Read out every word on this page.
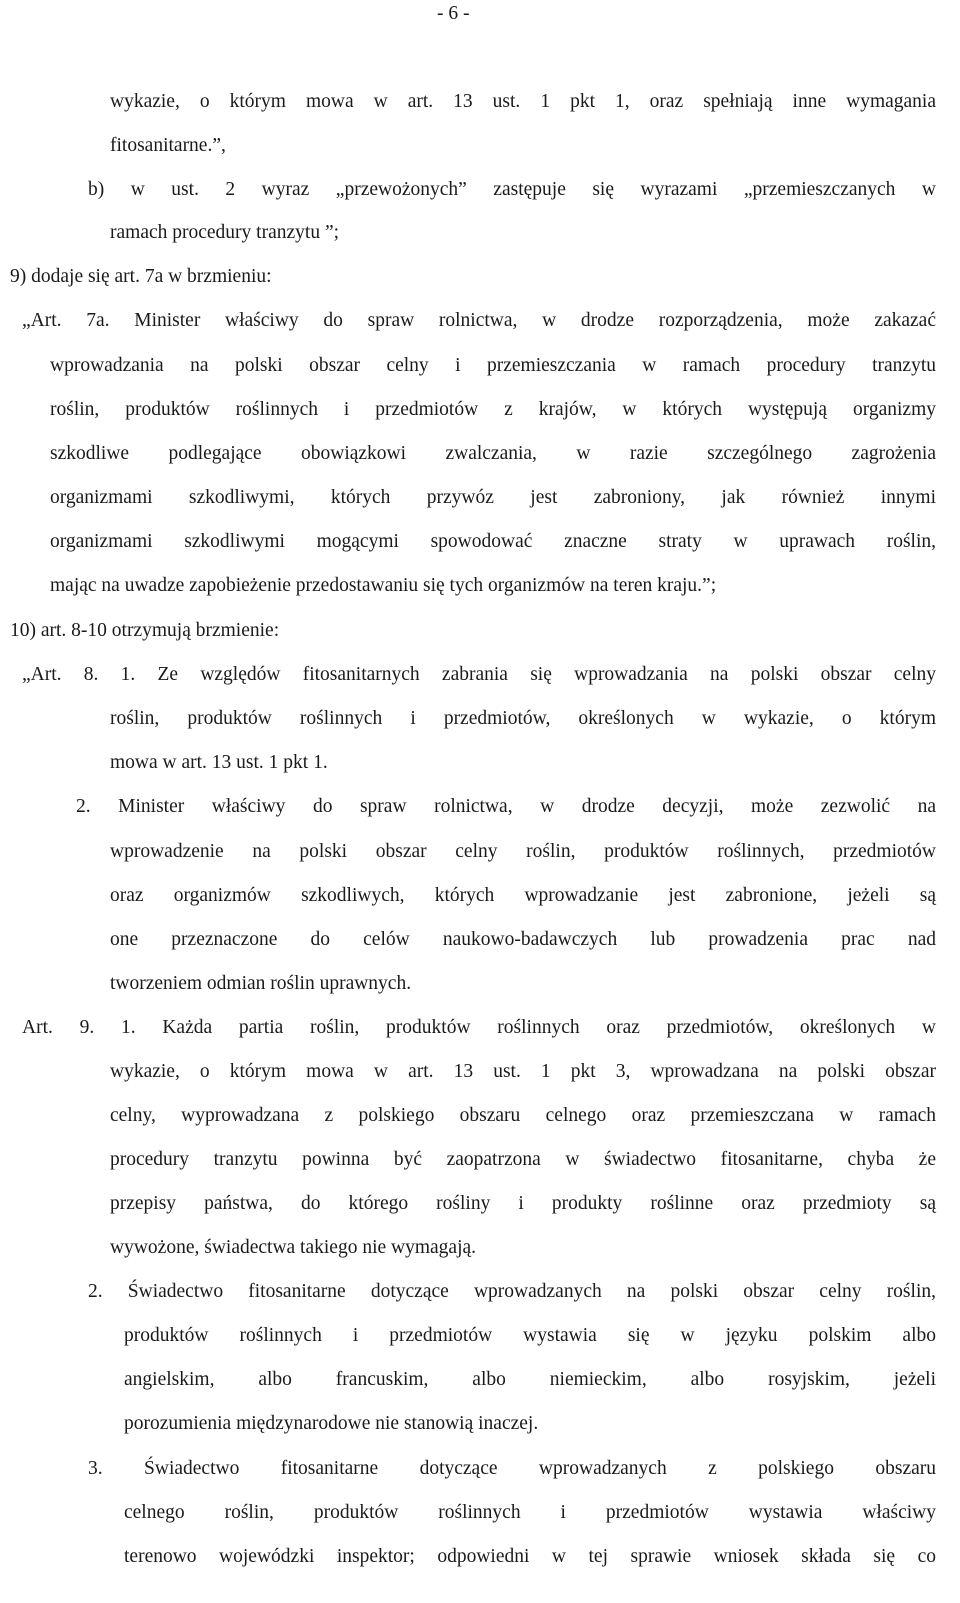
- 6 -
wykazie, o którym mowa w art. 13 ust. 1 pkt 1, oraz spełniają inne wymagania
fitosanitarne.”,
b) w ust. 2 wyraz „przewożonych” zastępuje się wyrazami „przemieszczanych w
ramach procedury tranzytu ”;
9) dodaje się art. 7a w brzmieniu:
„Art. 7a. Minister właściwy do spraw rolnictwa, w drodze rozporządzenia, może zakazać
wprowadzania na polski obszar celny i przemieszczania w ramach procedury tranzytu
roślin, produktów roślinnych i przedmiotów z krajów, w których występują organizmy
szkodliwe podlegające obowiązkowi zwalczania, w razie szczególnego zagrożenia
organizmami szkodliwymi, których przywóz jest zabroniony, jak również innymi
organizmami szkodliwymi mogącymi spowodować znaczne straty w uprawach roślin,
mając na uwadze zapobieżenie przedostawaniu się tych organizmów na teren kraju.”;
10) art. 8-10 otrzymują brzmienie:
„Art. 8. 1. Ze względów fitosanitarnych zabrania się wprowadzania na polski obszar celny
roślin, produktów roślinnych i przedmiotów, określonych w wykazie, o którym
mowa w art. 13 ust. 1 pkt 1.
2. Minister właściwy do spraw rolnictwa, w drodze decyzji, może zezwolić na
wprowadzenie na polski obszar celny roślin, produktów roślinnych, przedmiotów
oraz organizmów szkodliwych, których wprowadzanie jest zabronione, jeżeli są
one przeznaczone do celów naukowo-badawczych lub prowadzenia prac nad
tworzeniem odmian roślin uprawnych.
Art. 9. 1. Każda partia roślin, produktów roślinnych oraz przedmiotów, określonych w
wykazie, o którym mowa w art. 13 ust. 1 pkt 3, wprowadzana na polski obszar
celny, wyprowadzana z polskiego obszaru celnego oraz przemieszczana w ramach
procedury tranzytu powinna być zaopatrzona w świadectwo fitosanitarne, chyba że
przepisy państwa, do którego rośliny i produkty roślinne oraz przedmioty są
wywożone, świadectwa takiego nie wymagają.
2. Świadectwo fitosanitarne dotyczące wprowadzanych na polski obszar celny roślin,
produktów roślinnych i przedmiotów wystawia się w języku polskim albo
angielskim, albo francuskim, albo niemieckim, albo rosyjskim, jeżeli
porozumienia międzynarodowe nie stanowią inaczej.
3. Świadectwo fitosanitarne dotyczące wprowadzanych z polskiego obszaru
celnego roślin, produktów roślinnych i przedmiotów wystawia właściwy
terenowo wojewódzki inspektor; odpowiedni w tej sprawie wniosek składa się co
